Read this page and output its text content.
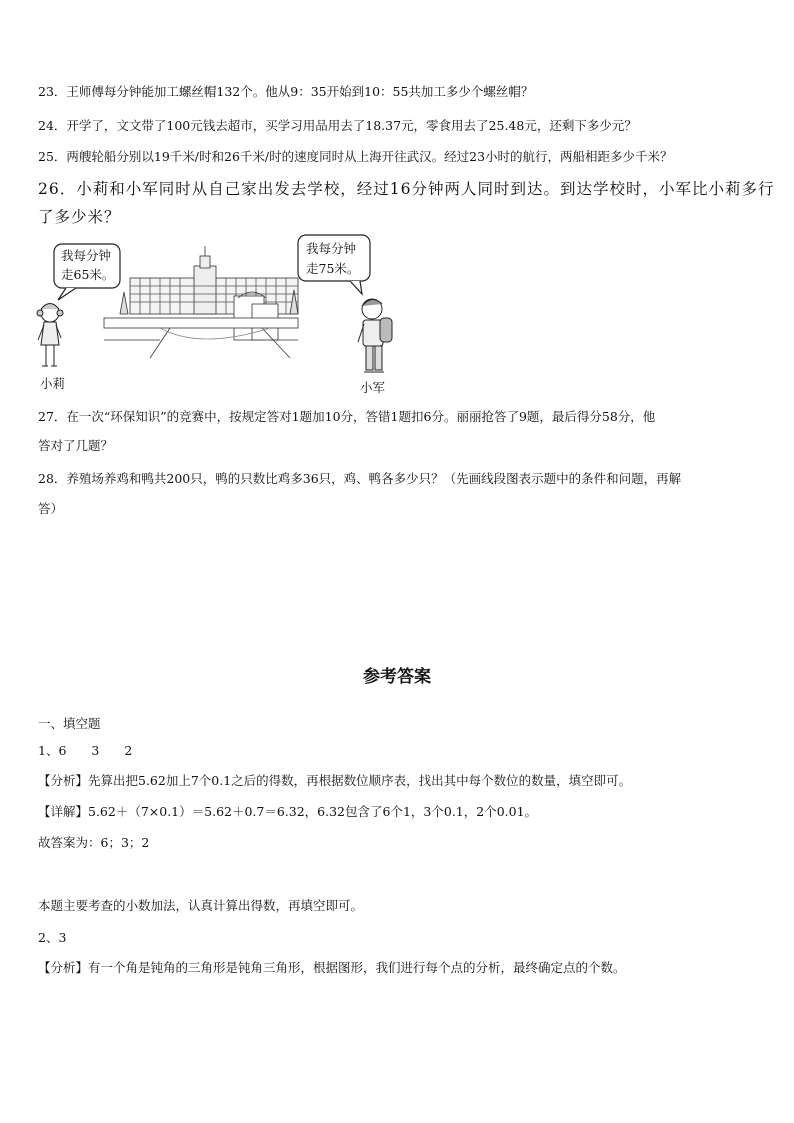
23．王师傅每分钟能加工螺丝帽132个。他从9：35开始到10：55共加工多少个螺丝帽？
24．开学了，文文带了100元钱去超市，买学习用品用去了18.37元，零食用去了25.48元，还剩下多少元？
25．两艘轮船分别以19千米/时和26千米/时的速度同时从上海开往武汉。经过23小时的航行，两船相距多少千米？
26．小莉和小军同时从自己家出发去学校，经过16分钟两人同时到达。到达学校时，小军比小莉多行
了多少米？
我每分钟
走65米。
我每分钟
走75米。
小莉	小军
27．在一次“环保知识”的竞赛中，按规定答对1题加10分，答错1题扣6分。丽丽抢答了9题，最后得分58分，他
答对了几题？
28．养殖场养鸡和鸭共200只，鸭的只数比鸡多36只，鸡、鸭各多少只？（先画线段图表示题中的条件和问题，再解
答）
参考答案
一、填空题
1、6　　3　　2
【分析】先算出把5.62加上7个0.1之后的得数，再根据数位顺序表，找出其中每个数位的数量，填空即可。
【详解】5.62＋（7×0.1）＝5.62＋0.7＝6.32，6.32包含了6个1，3个0.1，2个0.01。
故答案为：6；3；2
本题主要考查的小数加法，认真计算出得数，再填空即可。
2、3
【分析】有一个角是钝角的三角形是钝角三角形，根据图形，我们进行每个点的分析，最终确定点的个数。
